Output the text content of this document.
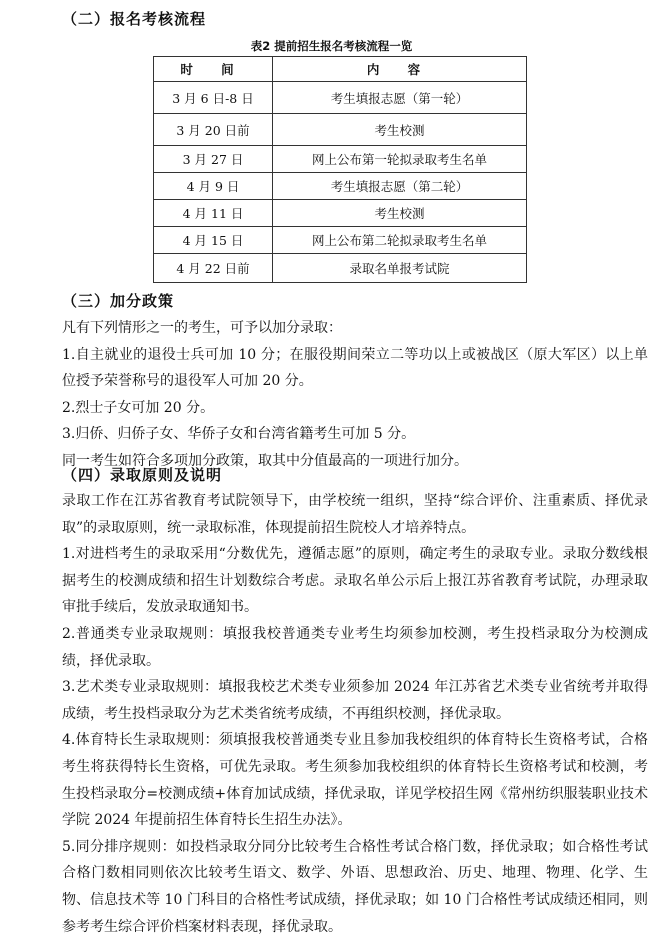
（二）报名考核流程
表2 提前招生报名考核流程一览
时 间	内 容
3 月 6 日-8 日	考生填报志愿（第一轮）
3 月 20 日前	考生校测
3 月 27 日	网上公布第一轮拟录取考生名单
4 月 9 日	考生填报志愿（第二轮）
4 月 11 日	考生校测
4 月 15 日	网上公布第二轮拟录取考生名单
4 月 22 日前	录取名单报考试院
（三）加分政策

凡有下列情形之一的考生，可予以加分录取：

1.自主就业的退役士兵可加 10 分；在服役期间荣立二等功以上或被战区（原大军区）以上单位授予荣誉称号的退役军人可加 20 分。

2.烈士子女可加 20 分。

3.归侨、归侨子女、华侨子女和台湾省籍考生可加 5 分。

同一考生如符合多项加分政策，取其中分值最高的一项进行加分。

（四）录取原则及说明

录取工作在江苏省教育考试院领导下，由学校统一组织，坚持“综合评价、注重素质、择优录取”的录取原则，统一录取标准，体现提前招生院校人才培养特点。

1.对进档考生的录取采用“分数优先，遵循志愿”的原则，确定考生的录取专业。录取分数线根据考生的校测成绩和招生计划数综合考虑。录取名单公示后上报江苏省教育考试院，办理录取审批手续后，发放录取通知书。

2.普通类专业录取规则：填报我校普通类专业考生均须参加校测，考生投档录取分为校测成绩，择优录取。

3.艺术类专业录取规则：填报我校艺术类专业须参加 2024 年江苏省艺术类专业省统考并取得成绩，考生投档录取分为艺术类省统考成绩，不再组织校测，择优录取。

4.体育特长生录取规则：须填报我校普通类专业且参加我校组织的体育特长生资格考试，合格考生将获得特长生资格，可优先录取。考生须参加我校组织的体育特长生资格考试和校测，考生投档录取分=校测成绩+体育加试成绩，择优录取，详见学校招生网《常州纺织服装职业技术学院 2024 年提前招生体育特长生招生办法》。

5.同分排序规则：如投档录取分同分比较考生合格性考试合格门数，择优录取；如合格性考试合格门数相同则依次比较考生语文、数学、外语、思想政治、历史、地理、物理、化学、生物、信息技术等 10 门科目的合格性考试成绩，择优录取；如 10 门合格性考试成绩还相同，则参考考生综合评价档案材料表现，择优录取。
